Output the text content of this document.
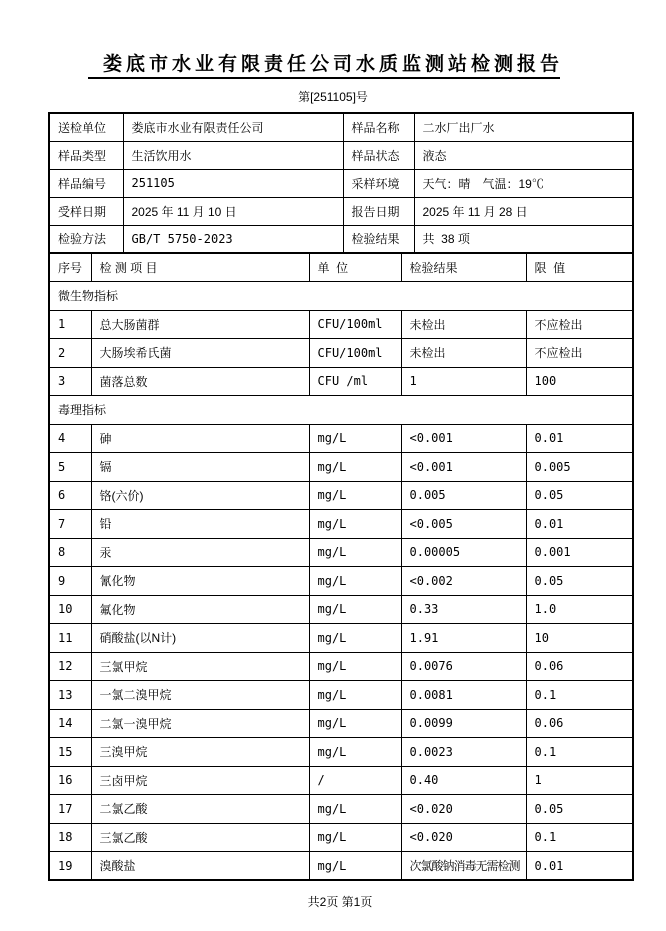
娄底市水业有限责任公司水质监测站检测报告
第[251105]号
送检单位	娄底市水业有限责任公司	样品名称	二水厂出厂水
样品类型	生活饮用水	样品状态	液态
样品编号	251105	采样环境	天气：晴　气温：19℃
受样日期	2025 年 11 月 10 日	报告日期	2025 年 11 月 28 日
检验方法	GB/T 5750-2023	检验结果	共  38 项
序号	检 测 项 目	单  位	检验结果	限  值
微生物指标				
1	总大肠菌群	CFU/100ml	未检出	不应检出
2	大肠埃希氏菌	CFU/100ml	未检出	不应检出
3	菌落总数	CFU /ml	1	100
毒理指标				
4	砷	mg/L	<0.001	0.01
5	镉	mg/L	<0.001	0.005
6	铬(六价)	mg/L	0.005	0.05
7	铅	mg/L	<0.005	0.01
8	汞	mg/L	0.00005	0.001
9	氰化物	mg/L	<0.002	0.05
10	氟化物	mg/L	0.33	1.0
11	硝酸盐(以N计)	mg/L	1.91	10
12	三氯甲烷	mg/L	0.0076	0.06
13	一氯二溴甲烷	mg/L	0.0081	0.1
14	二氯一溴甲烷	mg/L	0.0099	0.06
15	三溴甲烷	mg/L	0.0023	0.1
16	三卤甲烷	/	0.40	1
17	二氯乙酸	mg/L	<0.020	0.05
18	三氯乙酸	mg/L	<0.020	0.1
19	溴酸盐	mg/L	次氯酸钠消毒无需检测	0.01
共2页 第1页
